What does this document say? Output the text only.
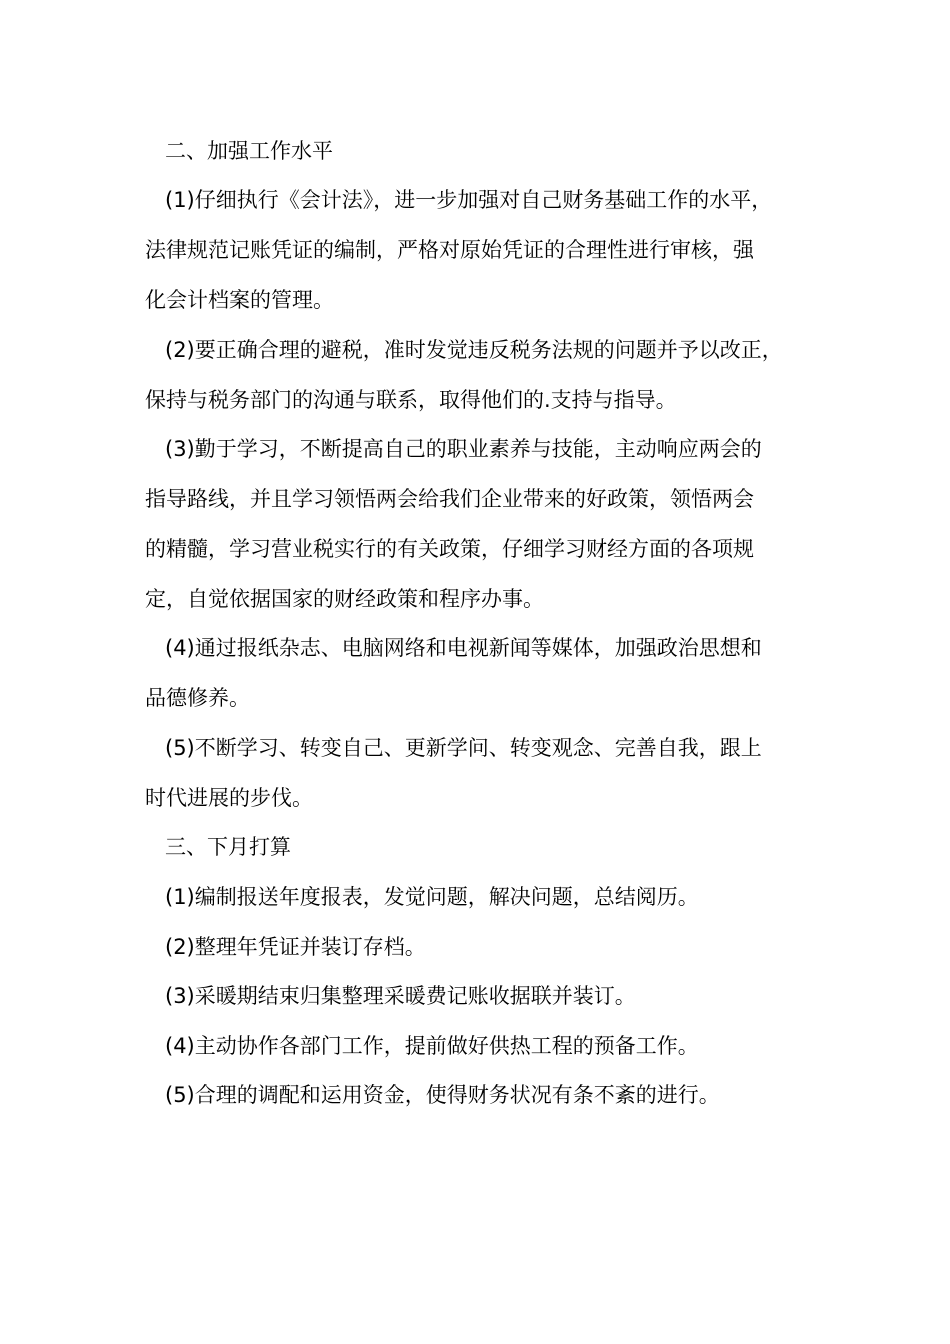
二、加强工作水平
(1)仔细执行《会计法》，进一步加强对自己财务基础工作的水平，
法律规范记账凭证的编制，严格对原始凭证的合理性进行审核，强
化会计档案的管理。
(2)要正确合理的避税，准时发觉违反税务法规的问题并予以改正，
保持与税务部门的沟通与联系，取得他们的.支持与指导。
(3)勤于学习，不断提高自己的职业素养与技能，主动响应两会的
指导路线，并且学习领悟两会给我们企业带来的好政策，领悟两会
的精髓，学习营业税实行的有关政策，仔细学习财经方面的各项规
定，自觉依据国家的财经政策和程序办事。
(4)通过报纸杂志、电脑网络和电视新闻等媒体，加强政治思想和
品德修养。
(5)不断学习、转变自己、更新学问、转变观念、完善自我，跟上
时代进展的步伐。
三、下月打算
(1)编制报送年度报表，发觉问题，解决问题，总结阅历。
(2)整理年凭证并装订存档。
(3)采暖期结束归集整理采暖费记账收据联并装订。
(4)主动协作各部门工作，提前做好供热工程的预备工作。
(5)合理的调配和运用资金，使得财务状况有条不紊的进行。
